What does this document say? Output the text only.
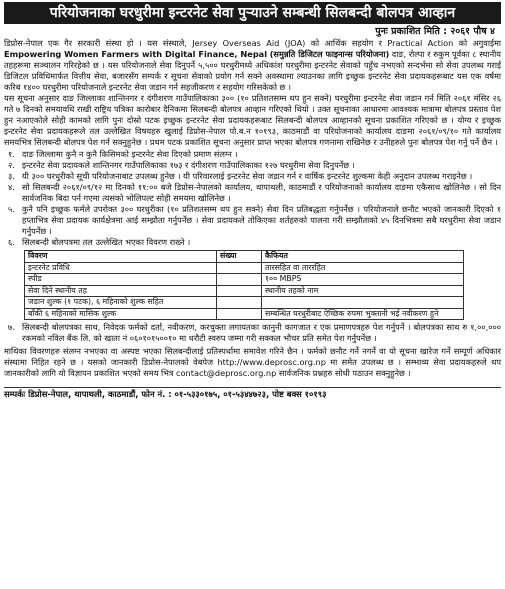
परियोजनाका घरधुरीमा इन्टरनेट सेवा पुऱ्याउने सम्बन्धी सिलबन्दी बोलपत्र आव्हान
पुनः प्रकाशित मिति : २०६१ पौष ४

डिप्रोस-नेपाल एक गैर सरकारी संस्था हो । यस संस्थाले, Jersey Overseas Aid (JOA) को आर्थिक सहयोग र Practical Action को अगुवाईमा Empowering Women Farmers with Digital Finance, Nepal (समुन्नति डिजिटल फाइनान्स परियोजना) दाङ, रोल्पा र रुकुम पूर्वका ८ स्थानीय तहहरूमा सञ्चालन गरिरहेको छ । यस परियोजनाले सेवा दिनुपर्ने ५,५०० घरधुरीमध्ये अधिकांश घरधुरीमा इन्टरनेट सेवाको पहुँच नभएको सन्दर्भमा सो सेवा उपलब्ध गराई डिजिटल प्रविधिमार्फत वित्तीय सेवा, बजारसँग सम्पर्क र सूचना सेवाको प्रयोग गर्न सक्ने अवस्थामा ल्याउनका लागि इच्छुक इन्टरनेट सेवा प्रदायकहरूबाट यस एक वर्षमा करिब १४०० घरधुरीमा परियोजनाले इन्टरनेट सेवा जडान गर्न सहजीकरण र सहयोग गरिसकेको छ ।

यस सूचना अनुसार दाङ जिल्लाका शान्तिनगर र दंगीशरण गाउँपालिकाका ३०० (१० प्रतिशतसम्म थप हुन सक्ने) घरधुरीमा इन्टरनेट सेवा जडान गर्न मिति २०६१ मंसिर २६ गते ७ दिनको समयावधि राखी राष्ट्रिय पत्रिका कारोबार दैनिकमा सिलबन्दी बोलपत्र आव्हान गरिएको थियो । उक्त सूचनाका आधारमा आवश्यक मात्रामा बोलपत्र प्रस्ताव पेश हुन नआएकोले सोही कामको लागि पुनः दोस्रो पटक इच्छुक इन्टरनेट सेवा प्रदायकहरूबाट सिलबन्दी बोलपत्र आव्हानको सूचना प्रकाशित गरिएको छ । योग्य र इच्छुक इन्टरनेट सेवा प्रदायकहरूले तल उल्लेखित विषयहरु खुलाई डिप्रोस-नेपाल पो.ब.न १०१९३, काठमाडौं वा परियोजनाको कार्यालय दाङमा २०६१/०९/१० गते कार्यालय समयभित्र सिलबन्दी बोलपत्र पेश गर्न सक्नुहुनेछ । प्रथम पटक प्रकाशित सूचना अनुसार प्राप्त भएका बोलपत्र गणनामा राखिनेछ र उनीहरुले पुनः बोलपत्र पेश गर्नु पर्ने छैन ।

१. दाङ जिल्लामा कुनै न कुनै किसिमको इन्टरनेट सेवा दिएको प्रमाण संलग्न ।
२. इन्टरनेट सेवा प्रदायकले शान्तिनगर गाउँपालिकाका १७३ र दंगीशरण गाउँपालिकाका १२७ घरधुरीमा सेवा दिनुपर्नेछ ।
३. यी ३०० घरधुरीको सूची परियोजनाबाट उपलब्ध हुनेछ । यी परिवारलाई इन्टरनेट सेवा जडान गर्न र वार्षिक इन्टरनेट शुल्कमा केही अनुदान उपलब्ध गराइनेछ ।
४. सो सिलबन्दी २०६१/०९/१२ मा दिनको ११:०० बजे डिप्रोस-नेपालको कार्यालय, थापाथली, काठमाडौं र परियोजनाको कार्यालय दाङमा एकैसाथ खोलिनेछ । सो दिन सार्वजनिक बिदा पर्न गएमा त्यसको भोलिपल्ट सोही समयमा खोलिनेछ ।
५. कुनै पनि इच्छुक फर्मले उपरोक्त ३०० घरधुरीका (१० प्रतिशतसम्म थप हुन सक्ने) सेवा दिन प्रतिबद्धता गर्नुपर्नेछ । परियोजनाले छनौट भएको जानकारी दिएको १ हप्ताभित्र सेवा प्रदायक कार्यक्षेत्रमा आई सम्झौता गर्नुपर्नेछ । सेवा प्रदायकले तोकिएका शर्तहरुको पालना गरी सम्झौताको ४५ दिनभित्रमा सबै घरधुरीमा सेवा जडान गर्नुपर्नेछ ।
६. सिलबन्दी बोलपत्रमा तल उल्लेखित भएका विवरण राख्ने ।
विवरण	संख्या	कैफियत
इन्टरनेट प्रविधि		तारसहित वा ताररहित
स्पीड		१०० MBPS
सेवा दिने स्थानीय तह		स्थानीय तहको नाम
जडान शुल्क (१ पटक), ६ महिनाको शुल्क सहित		
बाँकी ६ महिनाको मासिक शुल्क		सम्बन्धित घरधुरीबाट ऐच्छिक रुपमा भुक्तानी भई नवीकरण हुने
७. सिलबन्दी बोलपत्रका साथ, निवेदक फर्मको दर्ता, नवीकरण, करचुक्ता लगायतका कानुनी कागजात र एक प्रमाणपत्रहरु पेश गर्नुपर्ने । बोलपत्रका साथ रु १,००,००० रकमको नविल बैंक लि. को खाता नं ०६०१०१५००१० मा धरौटी स्वरुप जम्मा गरी सक्कल भौचर प्रति समेत पेश गर्नुपर्नेछ ।

माथिका विवरणहरु संलग्न नभएका वा अस्पष्ट भएका सिलबन्दीलाई प्रतिस्पर्धामा समावेश गरिने छैन । फर्मको छनौट गर्ने नगर्ने वा यो सूचना खारेज गर्ने सम्पूर्ण अधिकार संस्थामा निहित रहने छ । यसको जानकारी डिप्रोस-नेपालको वेबपेज http://www.deprosc.org.np मा समेत उपलब्ध छ । सम्भाव्य सेवा प्रदायकहरुले थप जानकारीको लागि यो विज्ञापन प्रकाशित भएको समय भित्र contact@deprosc.org.np सार्वजनिक प्रश्नहरु सोधी पठाउन सक्नुहुनेछ ।

सम्पर्कः डिप्रोस-नेपाल, थापाथली, काठमाडौं, फोन नं. : ०१-५३३०१७५, ०१-५३४४७२३, पोष्ट बक्स १०१९३
